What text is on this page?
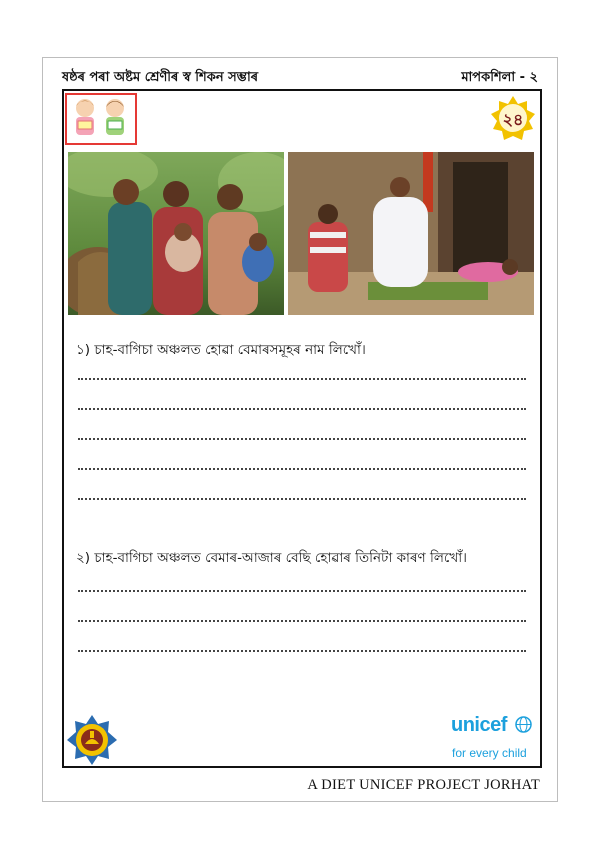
ষষ্ঠৰ পৰা অষ্টম শ্ৰেণীৰ স্ব শিকন সম্ভাৰ	মাপকশিলা - ২
২৪
১) চাহ-বাগিচা অঞ্চলত হোৱা বেমাৰসমূহৰ নাম লিখোঁ।
২) চাহ-বাগিচা অঞ্চলত বেমাৰ-আজাৰ বেছি হোৱাৰ তিনিটা কাৰণ লিখোঁ।
unicef
for every child
A DIET UNICEF PROJECT JORHAT
